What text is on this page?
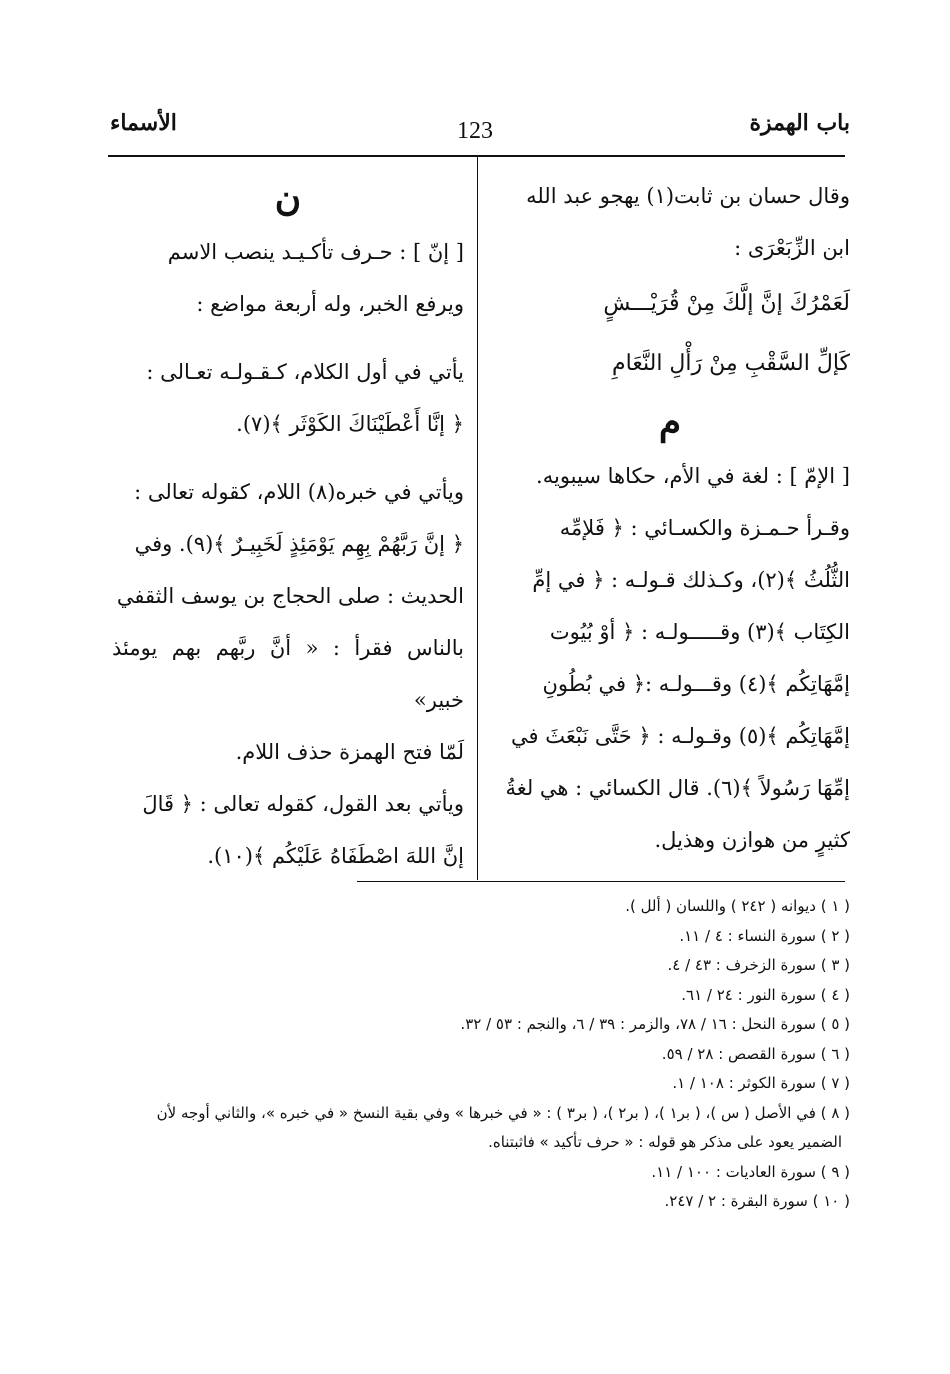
باب الهمزة
123
الأسماء

وقال حسان بن ثابت(١) يهجو عبد الله

ابن الزِّبَعْرَى :

لَعَمْرُكَ إنَّ إلَّكَ مِنْ قُرَيْـــشٍ

كَإلِّ السَّقْبِ مِنْ رَأْلِ النَّعَامِ

م

[ الإمّ ] : لغة في الأم، حكاها سيبويه.

وقـرأ حـمـزة والكسـائي : ﴿ فَلإمِّه

الثُّلُثُ ﴾(٢)، وكـذلك قـولـه : ﴿ في إمِّ

الكِتَاب ﴾(٣) وقـــــولـه : ﴿ أوْ بُيُوت

إمَّهَاتِكُم ﴾(٤) وقـــولـه :﴿ في بُطُونِ

إمَّهَاتِكُم ﴾(٥) وقـولـه : ﴿ حَتَّى نَبْعَثَ في

إمِّهَا رَسُولاً ﴾(٦). قال الكسائي : هي لغةُ

كثيرٍ من هوازن وهذيل.

ن

[ إنّ ] : حـرف تأكـيـد ينصب الاسم

ويرفع الخبر، وله أربعة مواضع :

يأتي في أول الكلام، كـقـولـه تعـالى :

﴿ إنَّا أَعْطَيْنَاكَ الكَوْثَر ﴾(٧).

ويأتي في خبره(٨) اللام، كقوله تعالى :

﴿ إنَّ رَبَّهُمْ بِهِم يَوْمَئِذٍ لَخَبِيـرٌ ﴾(٩). وفي

الحديث : صلى الحجاج بن يوسف الثقفي

بالناس فقرأ : « أنَّ ربَّهم بهم يومئذ خبير»

لَمّا فتح الهمزة حذف اللام.

ويأتي بعد القول، كقوله تعالى : ﴿ قَالَ

إنَّ اللهَ اصْطَفَاهُ عَلَيْكُم ﴾(١٠).

( ١ ) ديوانه ( ٢٤٢ ) واللسان ( ألل ).

( ٢ ) سورة النساء : ٤ / ١١.

( ٣ ) سورة الزخرف : ٤٣ / ٤.

( ٤ ) سورة النور : ٢٤ / ٦١.

( ٥ ) سورة النحل : ١٦ / ٧٨، والزمر : ٣٩ / ٦، والنجم : ٥٣ / ٣٢.

( ٦ ) سورة القصص : ٢٨ / ٥٩.

( ٧ ) سورة الكوثر : ١٠٨ / ١.

( ٨ ) في الأصل ( س )، ( بر١ )، ( بر٢ )، ( بر٣ ) : « في خبرها » وفي بقية النسخ « في خبره »، والثاني أوجه لأن

الضمير يعود على مذكر هو قوله : « حرف تأكيد » فاثبتناه.

( ٩ ) سورة العاديات : ١٠٠ / ١١.

( ١٠ ) سورة البقرة : ٢ / ٢٤٧.
